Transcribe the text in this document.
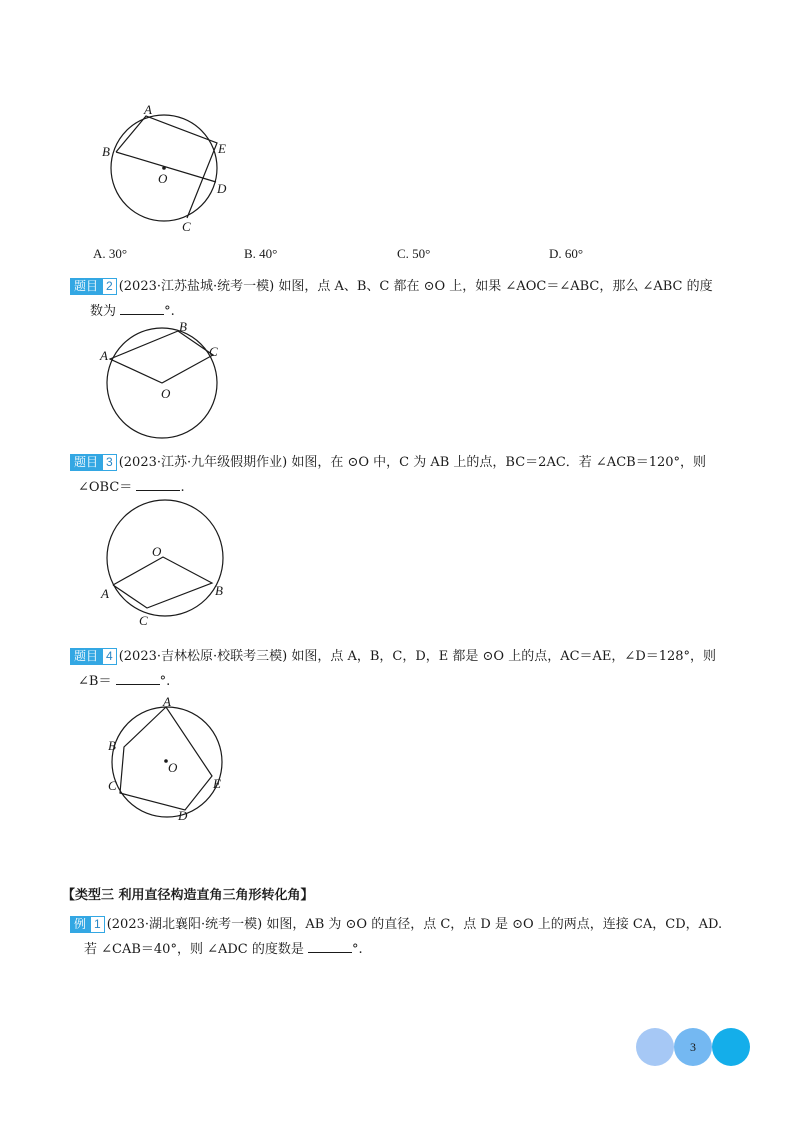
A
B	E
O
D
C
A. 30°	B. 40°	C. 50°	D. 60°
题目 2 (2023·江苏盐城·统考一模) 如图，点 A、B、C 都在 ⊙O 上，如果 ∠AOC＝∠ABC，那么 ∠ABC 的度
数为	°.
A
B
C
O
题目 3 (2023·江苏·九年级假期作业) 如图，在 ⊙O 中，C 为 AB 上的点，BC＝2AC．若 ∠ACB＝120°，则
∠OBC＝	.
O
A	B
C
题目 4 (2023·吉林松原·校联考三模) 如图，点 A，B，C，D，E 都是 ⊙O 上的点，AC＝AE，∠D＝128°，则
∠B＝	°.
A
B
O
C	E
D
【类型三 利用直径构造直角三角形转化角】
例 1 (2023·湖北襄阳·统考一模) 如图，AB 为 ⊙O 的直径，点 C，点 D 是 ⊙O 上的两点，连接 CA，CD，AD.
若 ∠CAB＝40°，则 ∠ADC 的度数是	°.
3
